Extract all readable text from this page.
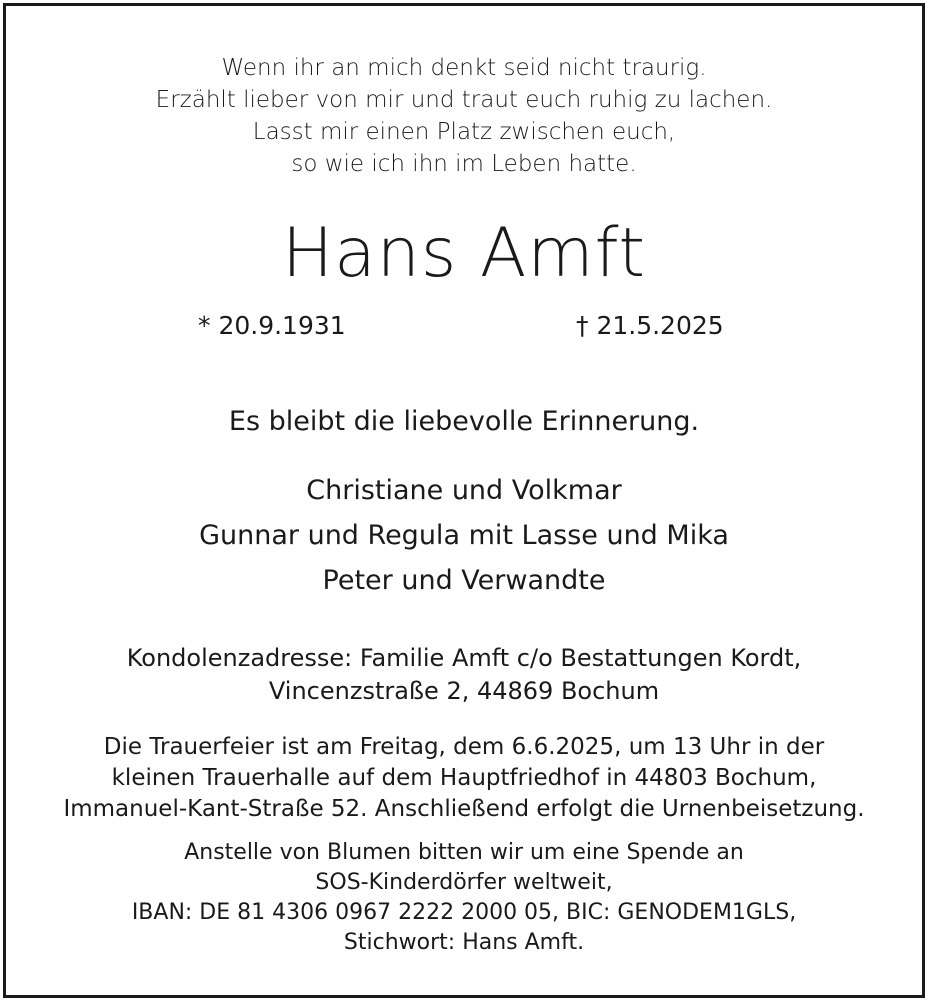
Wenn ihr an mich denkt seid nicht traurig.
Erzählt lieber von mir und traut euch ruhig zu lachen.
Lasst mir einen Platz zwischen euch,
so wie ich ihn im Leben hatte.
Hans Amft
* 20.9.1931	† 21.5.2025
Es bleibt die liebevolle Erinnerung.
Christiane und Volkmar
Gunnar und Regula mit Lasse und Mika
Peter und Verwandte
Kondolenzadresse: Familie Amft c/o Bestattungen Kordt,
Vincenzstraße 2, 44869 Bochum
Die Trauerfeier ist am Freitag, dem 6.6.2025, um 13 Uhr in der
kleinen Trauerhalle auf dem Hauptfriedhof in 44803 Bochum,
Immanuel-Kant-Straße 52. Anschließend erfolgt die Urnenbeisetzung.
Anstelle von Blumen bitten wir um eine Spende an
SOS-Kinderdörfer weltweit,
IBAN: DE 81 4306 0967 2222 2000 05, BIC: GENODEM1GLS,
Stichwort: Hans Amft.
